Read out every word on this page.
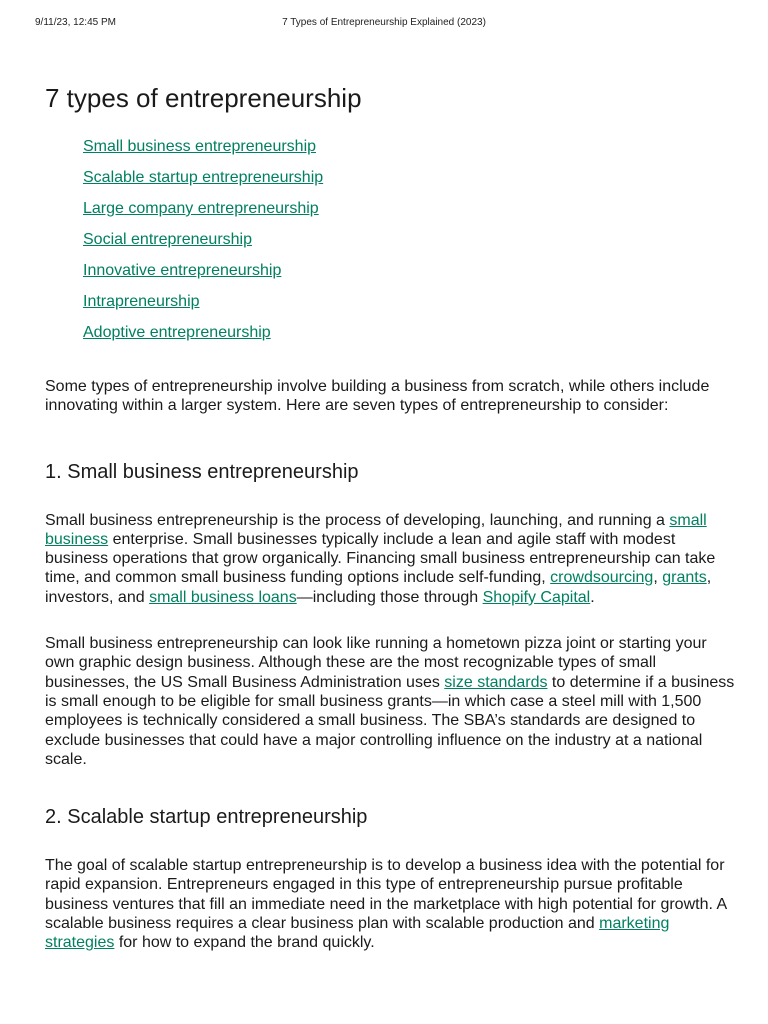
9/11/23, 12:45 PM	7 Types of Entrepreneurship Explained (2023)
7 types of entrepreneurship
Small business entrepreneurship
Scalable startup entrepreneurship
Large company entrepreneurship
Social entrepreneurship
Innovative entrepreneurship
Intrapreneurship
Adoptive entrepreneurship

Some types of entrepreneurship involve building a business from scratch, while others include innovating within a larger system. Here are seven types of entrepreneurship to consider:

1. Small business entrepreneurship

Small business entrepreneurship is the process of developing, launching, and running a small business enterprise. Small businesses typically include a lean and agile staff with modest business operations that grow organically. Financing small business entrepreneurship can take time, and common small business funding options include self-funding, crowdsourcing, grants, investors, and small business loans—including those through Shopify Capital.

Small business entrepreneurship can look like running a hometown pizza joint or starting your own graphic design business. Although these are the most recognizable types of small businesses, the US Small Business Administration uses size standards to determine if a business is small enough to be eligible for small business grants—in which case a steel mill with 1,500 employees is technically considered a small business. The SBA’s standards are designed to exclude businesses that could have a major controlling influence on the industry at a national scale.

2. Scalable startup entrepreneurship

The goal of scalable startup entrepreneurship is to develop a business idea with the potential for rapid expansion. Entrepreneurs engaged in this type of entrepreneurship pursue profitable business ventures that fill an immediate need in the marketplace with high potential for growth. A scalable business requires a clear business plan with scalable production and marketing strategies for how to expand the brand quickly.
